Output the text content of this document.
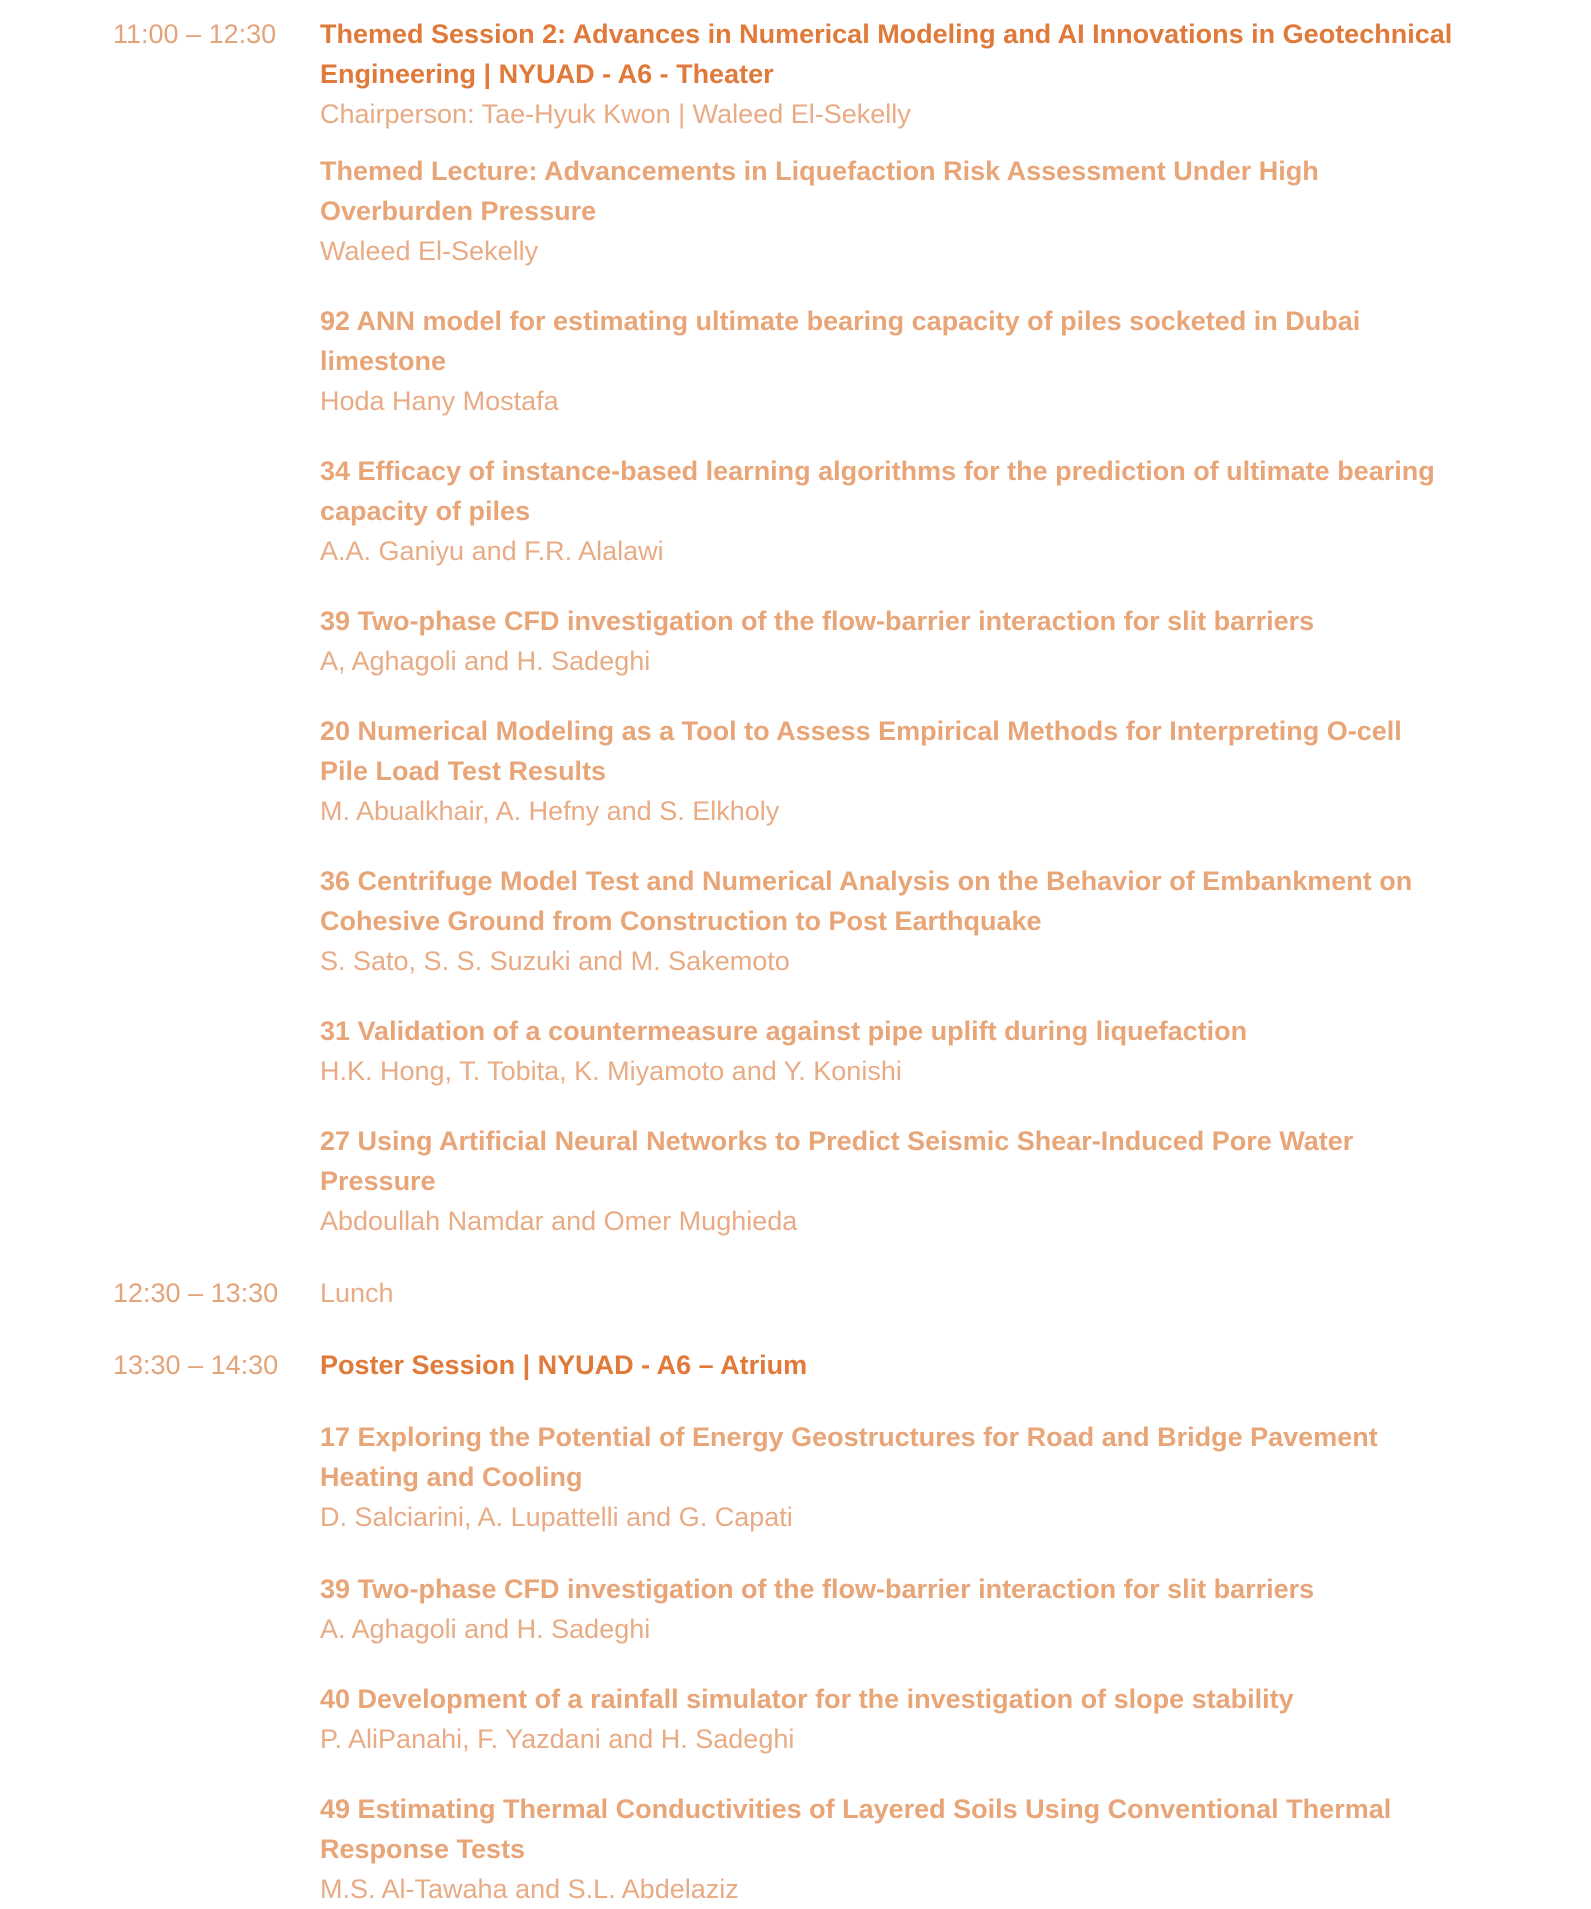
11:00 – 12:30 Themed Session 2: Advances in Numerical Modeling and AI Innovations in Geotechnical
Engineering | NYUAD - A6 - Theater
Chairperson: Tae-Hyuk Kwon | Waleed El-Sekelly
Themed Lecture: Advancements in Liquefaction Risk Assessment Under High
Overburden Pressure
Waleed El-Sekelly
92 ANN model for estimating ultimate bearing capacity of piles socketed in Dubai
limestone
Hoda Hany Mostafa
34 Efficacy of instance-based learning algorithms for the prediction of ultimate bearing
capacity of piles
A.A. Ganiyu and F.R. Alalawi
39 Two-phase CFD investigation of the flow-barrier interaction for slit barriers
A, Aghagoli and H. Sadeghi
20 Numerical Modeling as a Tool to Assess Empirical Methods for Interpreting O-cell
Pile Load Test Results
M. Abualkhair, A. Hefny and S. Elkholy
36 Centrifuge Model Test and Numerical Analysis on the Behavior of Embankment on
Cohesive Ground from Construction to Post Earthquake
S. Sato, S. S. Suzuki and M. Sakemoto
31 Validation of a countermeasure against pipe uplift during liquefaction
H.K. Hong, T. Tobita, K. Miyamoto and Y. Konishi
27 Using Artificial Neural Networks to Predict Seismic Shear-Induced Pore Water
Pressure
Abdoullah Namdar and Omer Mughieda
12:30 – 13:30 Lunch
13:30 – 14:30 Poster Session | NYUAD - A6 – Atrium
17 Exploring the Potential of Energy Geostructures for Road and Bridge Pavement
Heating and Cooling
D. Salciarini, A. Lupattelli and G. Capati
39 Two-phase CFD investigation of the flow-barrier interaction for slit barriers
A. Aghagoli and H. Sadeghi
40 Development of a rainfall simulator for the investigation of slope stability
P. AliPanahi, F. Yazdani and H. Sadeghi
49 Estimating Thermal Conductivities of Layered Soils Using Conventional Thermal
Response Tests
M.S. Al-Tawaha and S.L. Abdelaziz
